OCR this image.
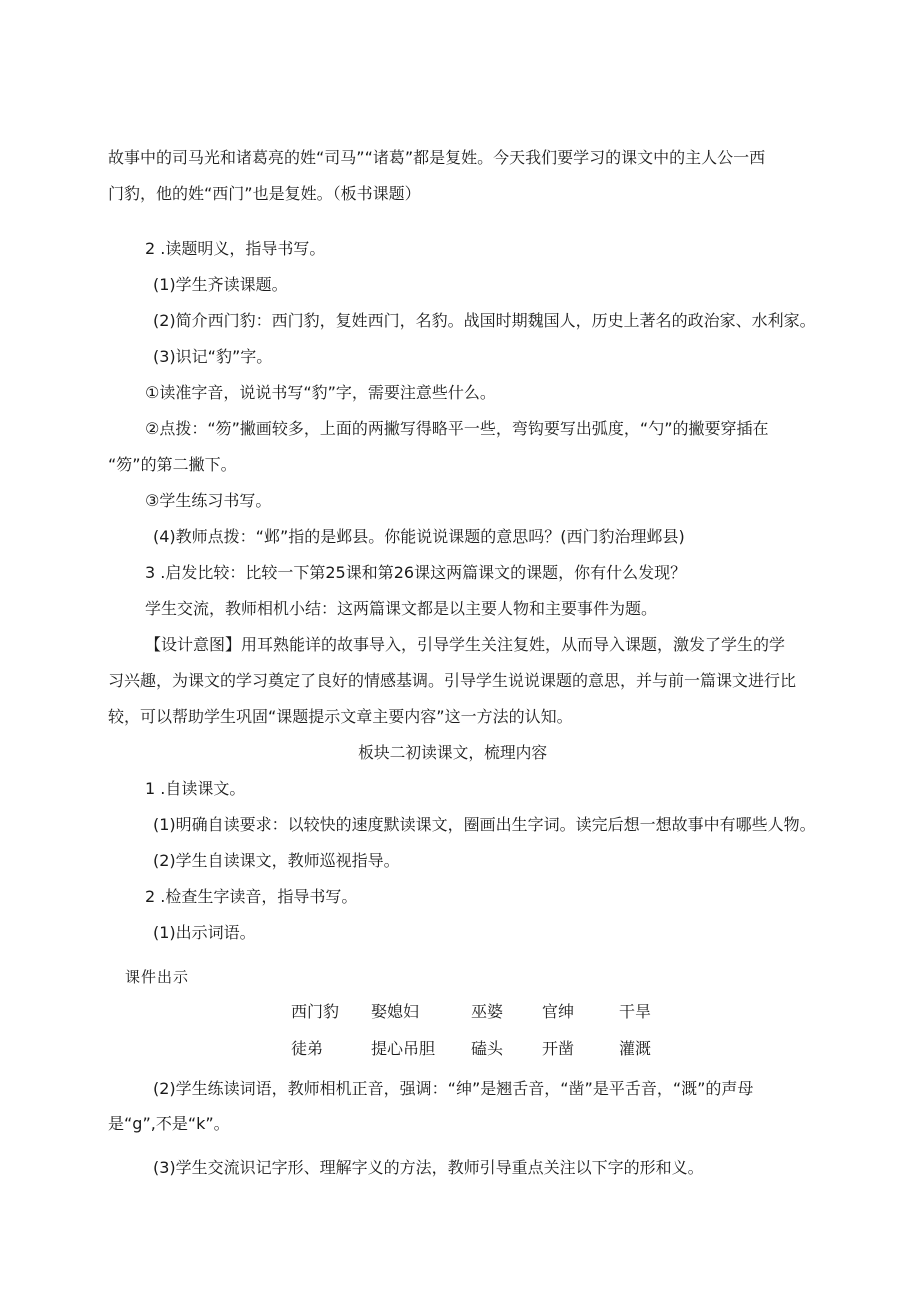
故事中的司马光和诸葛亮的姓“司马”“诸葛”都是复姓。今天我们要学习的课文中的主人公一西
门豹，他的姓“西门”也是复姓。（板书课题）
2 .读题明义，指导书写。
(1)学生齐读课题。
(2)简介西门豹：西门豹，复姓西门，名豹。战国时期魏国人，历史上著名的政治家、水利家。
(3)识记“豹”字。
①读准字音，说说书写“豹”字，需要注意些什么。
②点拨：“笏”撇画较多，上面的两撇写得略平一些，弯钩要写出弧度，“勺”的撇要穿插在
“笏”的第二撇下。
③学生练习书写。
(4)教师点拨：“邺”指的是邺县。你能说说课题的意思吗？(西门豹治理邺县)
3 .启发比较：比较一下第25课和第26课这两篇课文的课题，你有什么发现？
学生交流，教师相机小结：这两篇课文都是以主要人物和主要事件为题。
【设计意图】用耳熟能详的故事导入，引导学生关注复姓，从而导入课题，激发了学生的学
习兴趣，为课文的学习奠定了良好的情感基调。引导学生说说课题的意思，并与前一篇课文进行比
较，可以帮助学生巩固“课题提示文章主要内容”这一方法的认知。
板块二初读课文，梳理内容
1 .自读课文。
(1)明确自读要求：以较快的速度默读课文，圈画出生字词。读完后想一想故事中有哪些人物。
(2)学生自读课文，教师巡视指导。
2 .检查生字读音，指导书写。
(1)出示词语。
课件出示
西门豹 娶媳妇	巫婆 官绅	干旱
徒弟	提心吊胆 磕头 开凿	灌溉
(2)学生练读词语，教师相机正音，强调：“绅”是翘舌音，“凿”是平舌音，“溉”的声母
是“g”,不是“k”。
(3)学生交流识记字形、理解字义的方法，教师引导重点关注以下字的形和义。
